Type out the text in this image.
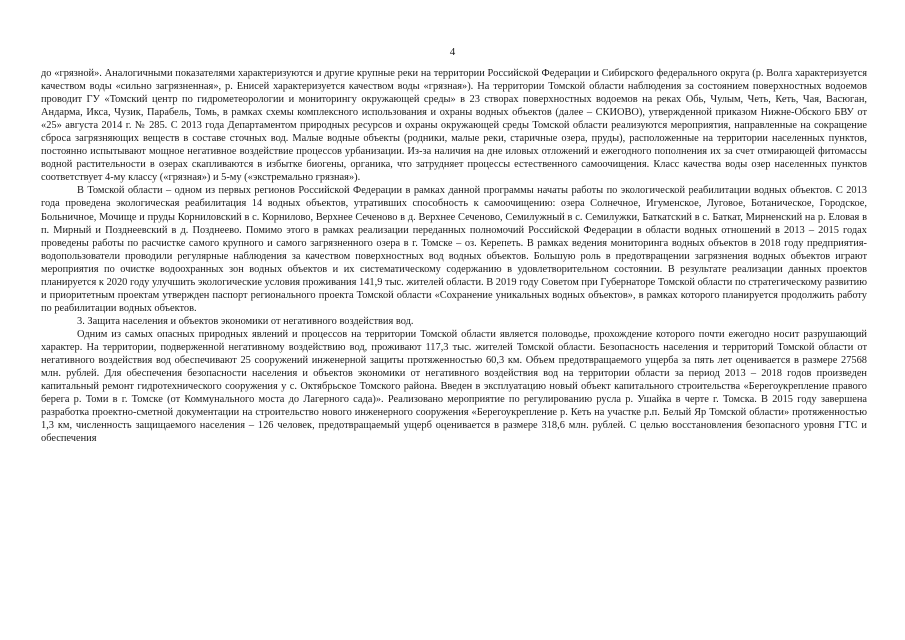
4

до «грязной». Аналогичными показателями характеризуются и другие крупные реки на территории Российской Федерации и Сибирского федерального округа (р. Волга характеризуется качеством воды «сильно загрязненная», р. Енисей характеризуется качеством воды «грязная»). На территории Томской области наблюдения за состоянием поверхностных водоемов проводит ГУ «Томский центр по гидрометеорологии и мониторингу окружающей среды» в 23 створах поверхностных водоемов на реках Обь, Чулым, Четь, Кеть, Чая, Васюган, Андарма, Икса, Чузик, Парабель, Томь, в рамках схемы комплексного использования и охраны водных объектов (далее – СКИОВО), утвержденной приказом Нижне-Обского БВУ от «25» августа 2014 г. № 285. С 2013 года Департаментом природных ресурсов и охраны окружающей среды Томской области реализуются мероприятия, направленные на сокращение сброса загрязняющих веществ в составе сточных вод. Малые водные объекты (родники, малые реки, старичные озера, пруды), расположенные на территории населенных пунктов, постоянно испытывают мощное негативное воздействие процессов урбанизации. Из-за наличия на дне иловых отложений и ежегодного пополнения их за счет отмирающей фитомассы водной растительности в озерах скапливаются в избытке биогены, органика, что затрудняет процессы естественного самоочищения. Класс качества воды озер населенных пунктов соответствует 4-му классу («грязная») и 5-му («экстремально грязная»).

В Томской области – одном из первых регионов Российской Федерации в рамках данной программы начаты работы по экологической реабилитации водных объектов. С 2013 года проведена экологическая реабилитация 14 водных объектов, утративших способность к самоочищению: озера Солнечное, Игуменское, Луговое, Ботаническое, Городское, Больничное, Мочище и пруды Корниловский в с. Корнилово, Верхнее Сеченово в д. Верхнее Сеченово, Семилужный в с. Семилужки, Баткатский в с. Баткат, Мирненский на р. Еловая в п. Мирный и Позднеевский в д. Позднеево. Помимо этого в рамках реализации переданных полномочий Российской Федерации в области водных отношений в 2013 – 2015 годах проведены работы по расчистке самого крупного и самого загрязненного озера в г. Томске – оз. Керепеть. В рамках ведения мониторинга водных объектов в 2018 году предприятия-водопользователи проводили регулярные наблюдения за качеством поверхностных вод водных объектов. Большую роль в предотвращении загрязнения водных объектов играют мероприятия по очистке водоохранных зон водных объектов и их систематическому содержанию в удовлетворительном состоянии. В результате реализации данных проектов планируется к 2020 году улучшить экологические условия проживания 141,9 тыс. жителей области. В 2019 году Советом при Губернаторе Томской области по стратегическому развитию и приоритетным проектам утвержден паспорт регионального проекта Томской области «Сохранение уникальных водных объектов», в рамках которого планируется продолжить работу по реабилитации водных объектов.

3. Защита населения и объектов экономики от негативного воздействия вод.

Одним из самых опасных природных явлений и процессов на территории Томской области является половодье, прохождение которого почти ежегодно носит разрушающий характер. На территории, подверженной негативному воздействию вод, проживают 117,3 тыс. жителей Томской области. Безопасность населения и территорий Томской области от негативного воздействия вод обеспечивают 25 сооружений инженерной защиты протяженностью 60,3 км. Объем предотвращаемого ущерба за пять лет оценивается в размере 27568 млн. рублей. Для обеспечения безопасности населения и объектов экономики от негативного воздействия вод на территории области за период 2013 – 2018 годов произведен капитальный ремонт гидротехнического сооружения у с. Октябрьское Томского района. Введен в эксплуатацию новый объект капитального строительства «Берегоукрепление правого берега р. Томи в г. Томске (от Коммунального моста до Лагерного сада)». Реализовано мероприятие по регулированию русла р. Ушайка в черте г. Томска. В 2015 году завершена разработка проектно-сметной документации на строительство нового инженерного сооружения «Берегоукрепление р. Кеть на участке р.п. Белый Яр Томской области» протяженностью 1,3 км, численность защищаемого населения – 126 человек, предотвращаемый ущерб оценивается в размере 318,6 млн. рублей. С целью восстановления безопасного уровня ГТС и обеспечения
